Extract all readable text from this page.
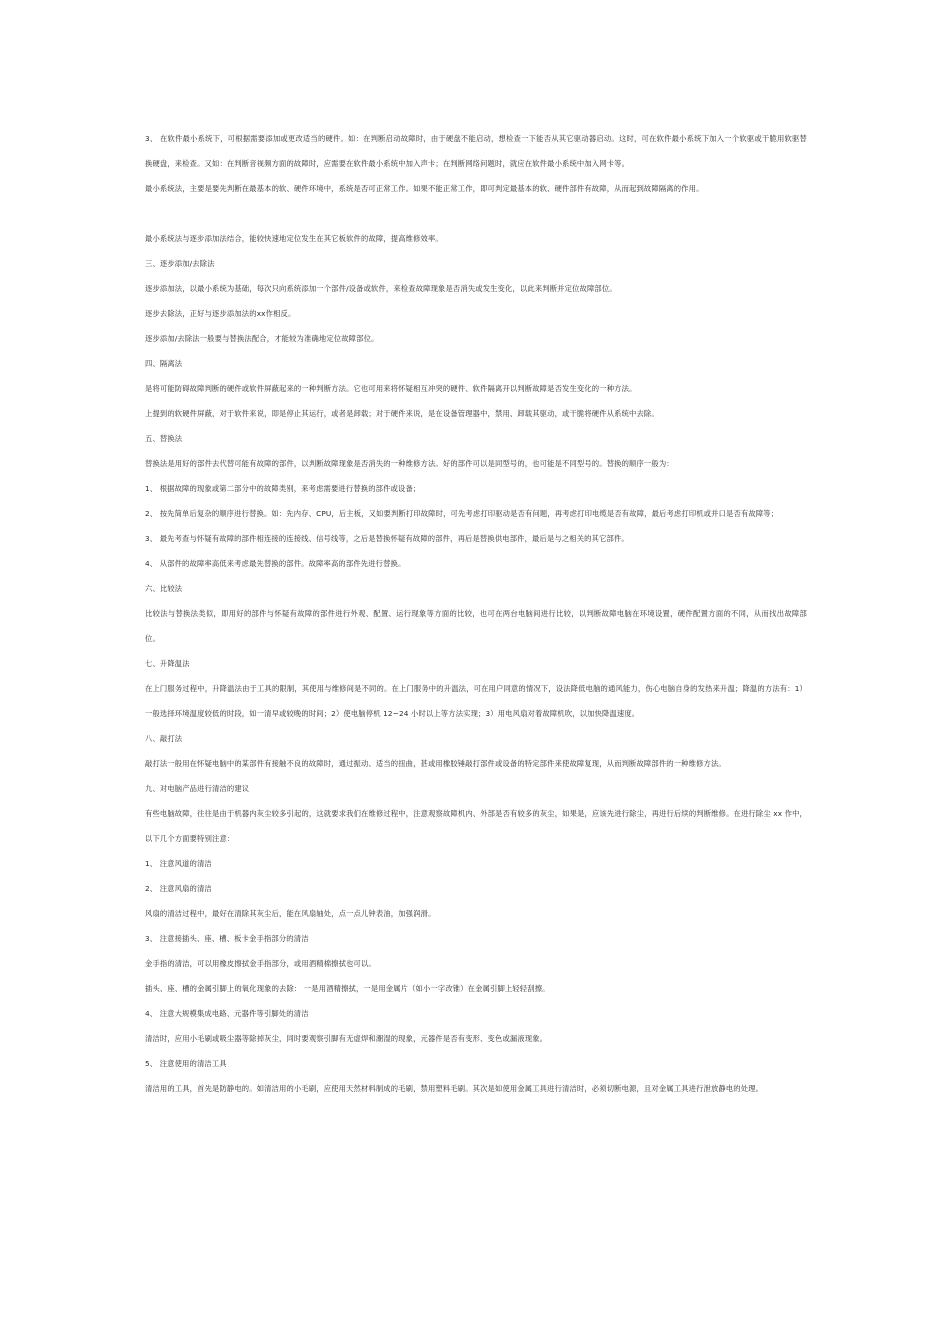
3、 在软件最小系统下，可根据需要添加或更改适当的硬件。如：在判断启动故障时，由于硬盘不能启动，想检查一下能否从其它驱动器启动。这时，可在软件最小系统下加入一个软驱或干脆用软驱替换硬盘，来检查。又如：在判断音视频方面的故障时，应需要在软件最小系统中加入声卡；在判断网络问题时，就应在软件最小系统中加入网卡等。

最小系统法，主要是要先判断在最基本的软、硬件环境中，系统是否可正常工作。如果不能正常工作，即可判定最基本的软、硬件部件有故障，从而起到故障隔离的作用。

最小系统法与逐步添加法结合，能较快速地定位发生在其它板软件的故障，提高维修效率。

三、逐步添加/去除法

逐步添加法，以最小系统为基础，每次只向系统添加一个部件/设备或软件，来检查故障现象是否消失或发生变化，以此来判断并定位故障部位。

逐步去除法，正好与逐步添加法的xx作相反。

逐步添加/去除法一般要与替换法配合，才能较为准确地定位故障部位。

四、隔离法

是将可能防碍故障判断的硬件或软件屏蔽起来的一种判断方法。它也可用来将怀疑相互冲突的硬件、软件隔离开以判断故障是否发生变化的一种方法。

上提到的软硬件屏蔽，对于软件来说，即是停止其运行，或者是卸载；对于硬件来说，是在设备管理器中，禁用、卸载其驱动，或干脆将硬件从系统中去除。

五、替换法

替换法是用好的部件去代替可能有故障的部件，以判断故障现象是否消失的一种维修方法。好的部件可以是同型号的，也可能是不同型号的。替换的顺序一般为：

1、 根据故障的现象或第二部分中的故障类别，来考虑需要进行替换的部件或设备；

2、 按先简单后复杂的顺序进行替换。如：先内存、CPU，后主板，又如要判断打印故障时，可先考虑打印驱动是否有问题，再考虑打印电缆是否有故障，最后考虑打印机或并口是否有故障等；

3、 最先考查与怀疑有故障的部件相连接的连接线、信号线等，之后是替换怀疑有故障的部件，再后是替换供电部件，最后是与之相关的其它部件。

4、 从部件的故障率高低来考虑最先替换的部件。故障率高的部件先进行替换。

六、比较法

比较法与替换法类似，即用好的部件与怀疑有故障的部件进行外观、配置、运行现象等方面的比较，也可在两台电脑间进行比较，以判断故障电脑在环境设置，硬件配置方面的不同，从而找出故障部位。

七、升降温法

在上门服务过程中，升降温法由于工具的限制，其使用与维修间是不同的。在上门服务中的升温法，可在用户同意的情况下，设法降低电脑的通风能力，伤心电脑自身的发热来升温；降温的方法有：1）一般选择环境温度较低的时段，如一清早或较晚的时间；2）使电脑停机 12~24 小时以上等方法实现；3）用电风扇对着故障机吹，以加快降温速度。

八、敲打法

敲打法一般用在怀疑电脑中的某部件有接触不良的故障时，通过振动、适当的扭曲，甚或用橡胶锤敲打部件或设备的特定部件来使故障复现，从而判断故障部件的一种维修方法。

九、对电脑产品进行清洁的建议

有些电脑故障，往往是由于机器内灰尘较多引起的，这就要求我们在维修过程中，注意观察故障机内、外部是否有较多的灰尘，如果是，应该先进行除尘，再进行后续的判断维修。在进行除尘 xx 作中，以下几个方面要特别注意：

1、 注意风道的清洁

2、 注意风扇的清洁

风扇的清洁过程中，最好在清除其灰尘后，能在风扇轴处，点一点儿钟表油，加强润滑。

3、 注意接插头、座、槽、板卡金手指部分的清洁

金手指的清洁，可以用橡皮擦拭金手指部分，或用酒精棉擦拭也可以。

插头、座、槽的金属引脚上的氧化现象的去除： 一是用酒精擦拭，一是用金属片（如小一字改锥）在金属引脚上轻轻刮擦。

4、 注意大规模集成电路、元器件等引脚处的清洁

清洁时，应用小毛刷或吸尘器等除掉灰尘，同时要观察引脚有无虚焊和潮湿的现象，元器件是否有变形、变色或漏液现象。

5、 注意使用的清洁工具

清洁用的工具，首先是防静电的。如清洁用的小毛刷，应使用天然材料制成的毛刷，禁用塑料毛刷。其次是如使用金属工具进行清洁时，必须切断电源，且对金属工具进行泄放静电的处理。
